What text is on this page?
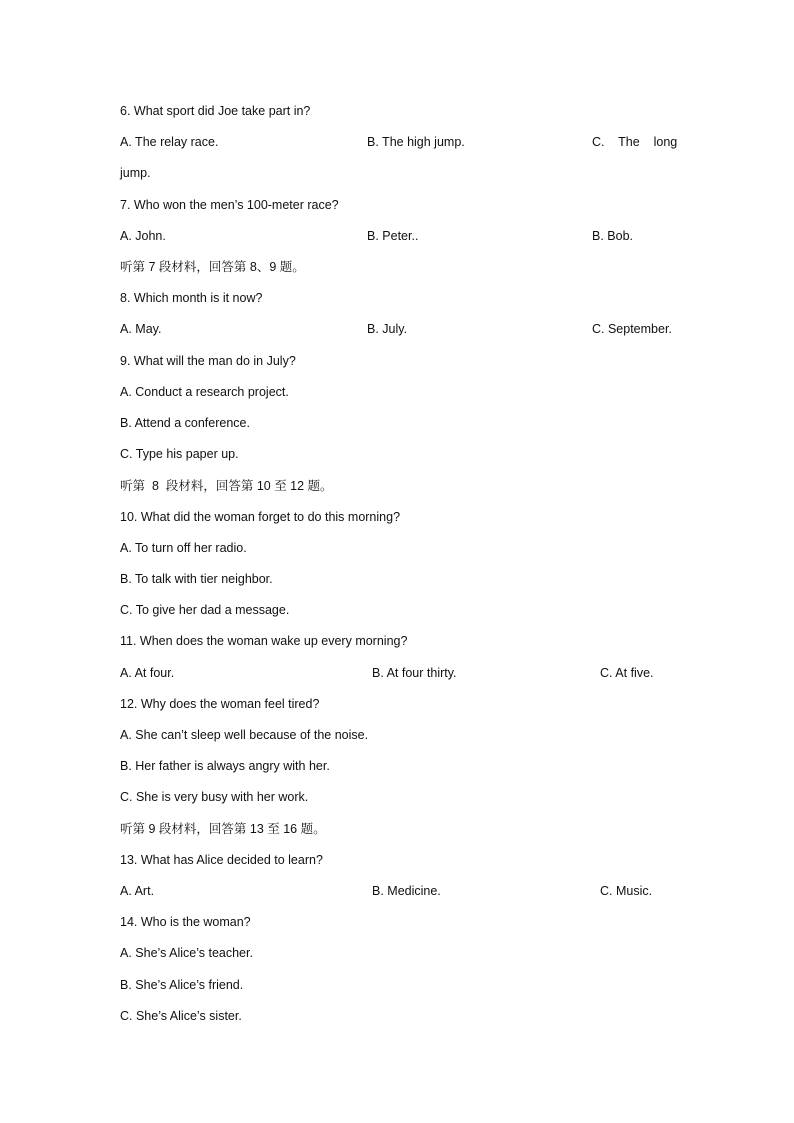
6. What sport did Joe take part in?
A. The relay race.	B. The high jump.	C.    The    long
jump.
7. Who won the men’s 100-meter race?
A. John.	B. Peter..	B. Bob.
听第 7 段材料，回答第 8、9 题。
8. Which month is it now?
A. May.	B. July.	C. September.
9. What will the man do in July?
A. Conduct a research project.
B. Attend a conference.
C. Type his paper up.
听第  8  段材料，回答第 10 至 12 题。
10. What did the woman forget to do this morning?
A. To turn off her radio.
B. To talk with tier neighbor.
C. To give her dad a message.
11. When does the woman wake up every morning?
A. At four.	B. At four thirty.	C. At five.
12. Why does the woman feel tired?
A. She can’t sleep well because of the noise.
B. Her father is always angry with her.
C. She is very busy with her work.
听第 9 段材料，回答第 13 至 16 题。
13. What has Alice decided to learn?
A. Art.	B. Medicine.	C. Music.
14. Who is the woman?
A. She’s Alice’s teacher.
B. She’s Alice’s friend.
C. She’s Alice’s sister.
